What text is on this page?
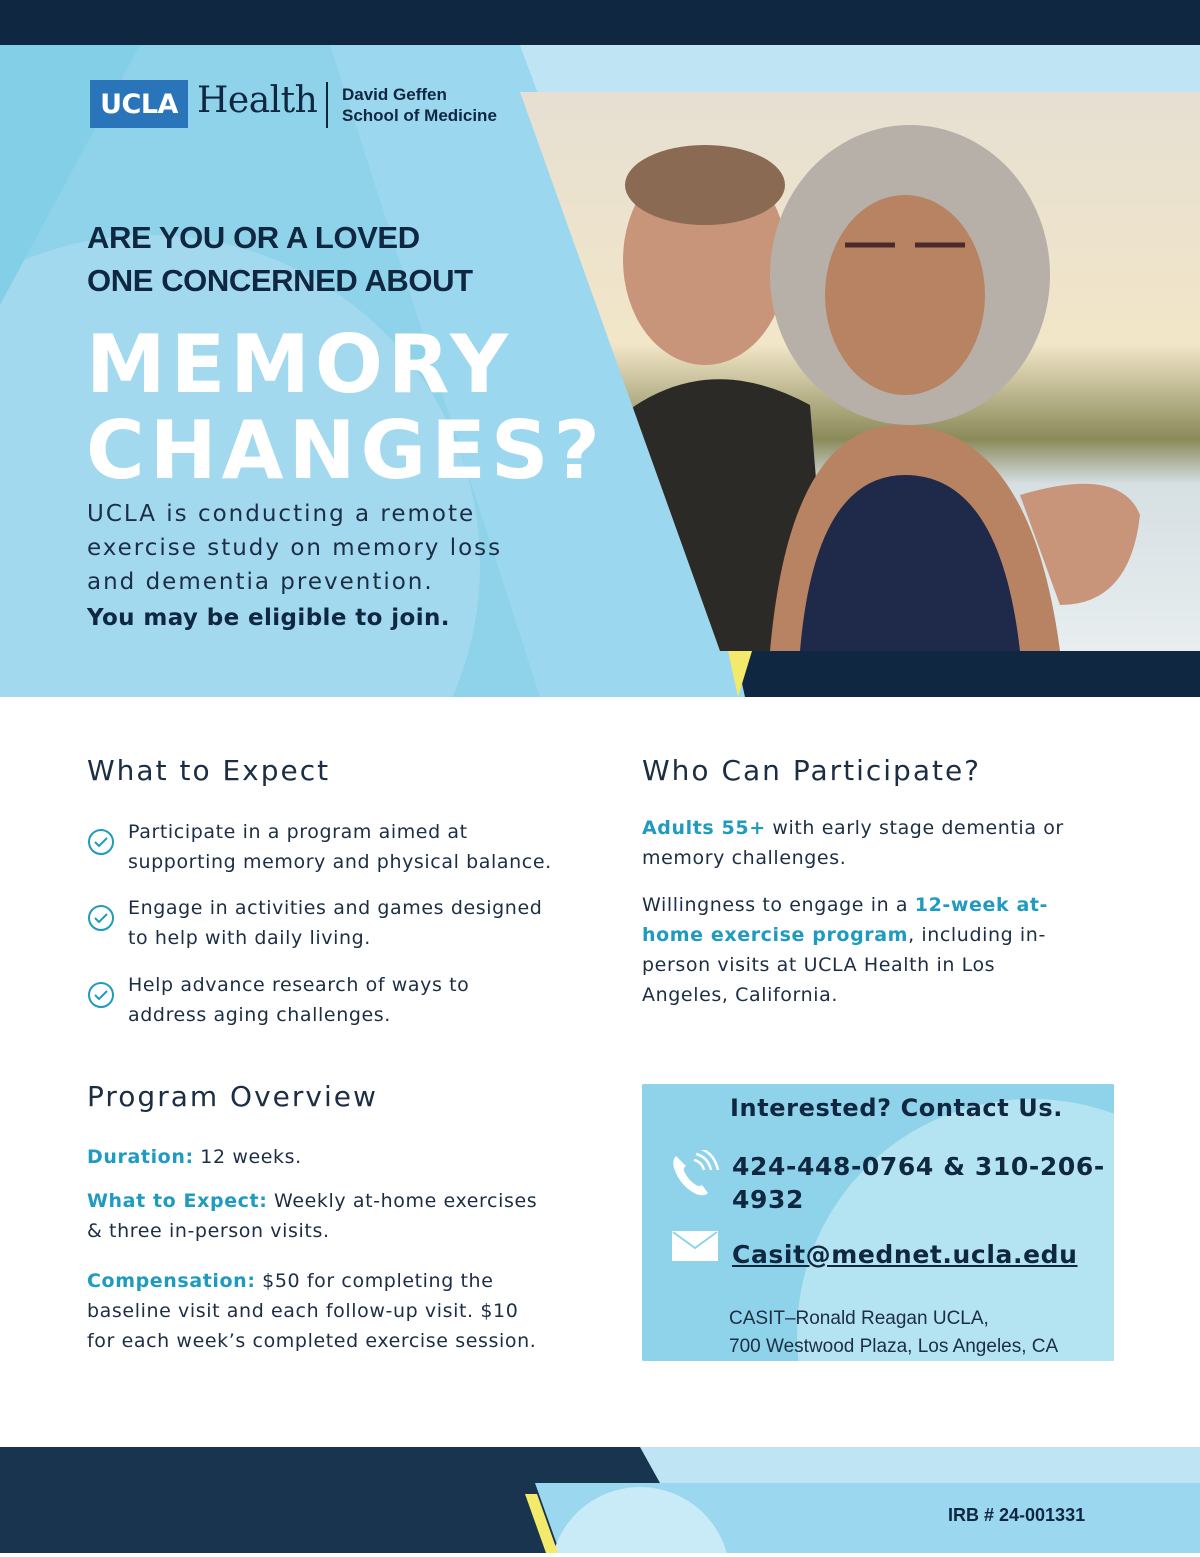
UCLA Health David Geffen
School of Medicine
ARE YOU OR A LOVED
ONE CONCERNED ABOUT
MEMORY
CHANGES?
UCLA is conducting a remote
exercise study on memory loss
and dementia prevention.
You may be eligible to join.
What to Expect
Participate in a program aimed at
supporting memory and physical balance.
Engage in activities and games designed
to help with daily living.
Help advance research of ways to
address aging challenges.
Who Can Participate?
Adults 55+ with early stage dementia or
memory challenges.
Willingness to engage in a 12-week at-
home exercise program, including in-
person visits at UCLA Health in Los
Angeles, California.
Program Overview
Duration: 12 weeks.
What to Expect: Weekly at-home exercises
& three in-person visits.
Compensation: $50 for completing the
baseline visit and each follow-up visit. $10
for each week’s completed exercise session.
Interested? Contact Us.
424-448-0764 & 310-206-
4932
Casit@mednet.ucla.edu
CASIT–Ronald Reagan UCLA,
700 Westwood Plaza, Los Angeles, CA
IRB # 24-001331
